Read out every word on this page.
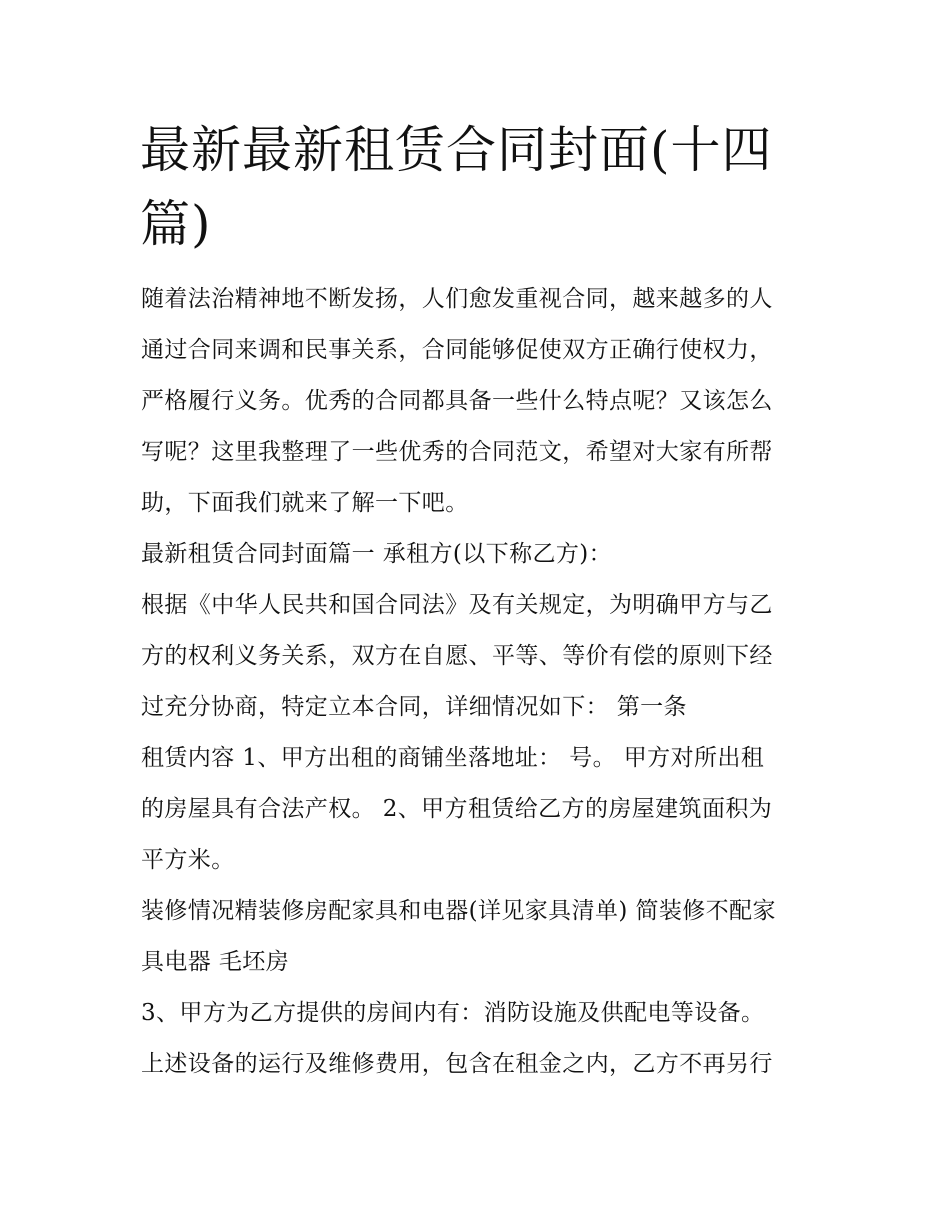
最新最新租赁合同封面(十四
篇)
随着法治精神地不断发扬，人们愈发重视合同，越来越多的人
通过合同来调和民事关系，合同能够促使双方正确行使权力，
严格履行义务。优秀的合同都具备一些什么特点呢？又该怎么
写呢？这里我整理了一些优秀的合同范文，希望对大家有所帮
助，下面我们就来了解一下吧。
最新租赁合同封面篇一 承租方(以下称乙方)：
根据《中华人民共和国合同法》及有关规定，为明确甲方与乙
方的权利义务关系，双方在自愿、平等、等价有偿的原则下经
过充分协商，特定立本合同，详细情况如下： 第一条
租赁内容 1、甲方出租的商铺坐落地址： 号。 甲方对所出租
的房屋具有合法产权。 2、甲方租赁给乙方的房屋建筑面积为
平方米。
装修情况精装修房配家具和电器(详见家具清单) 简装修不配家
具电器 毛坯房
3、甲方为乙方提供的房间内有：消防设施及供配电等设备。
上述设备的运行及维修费用，包含在租金之内，乙方不再另行
